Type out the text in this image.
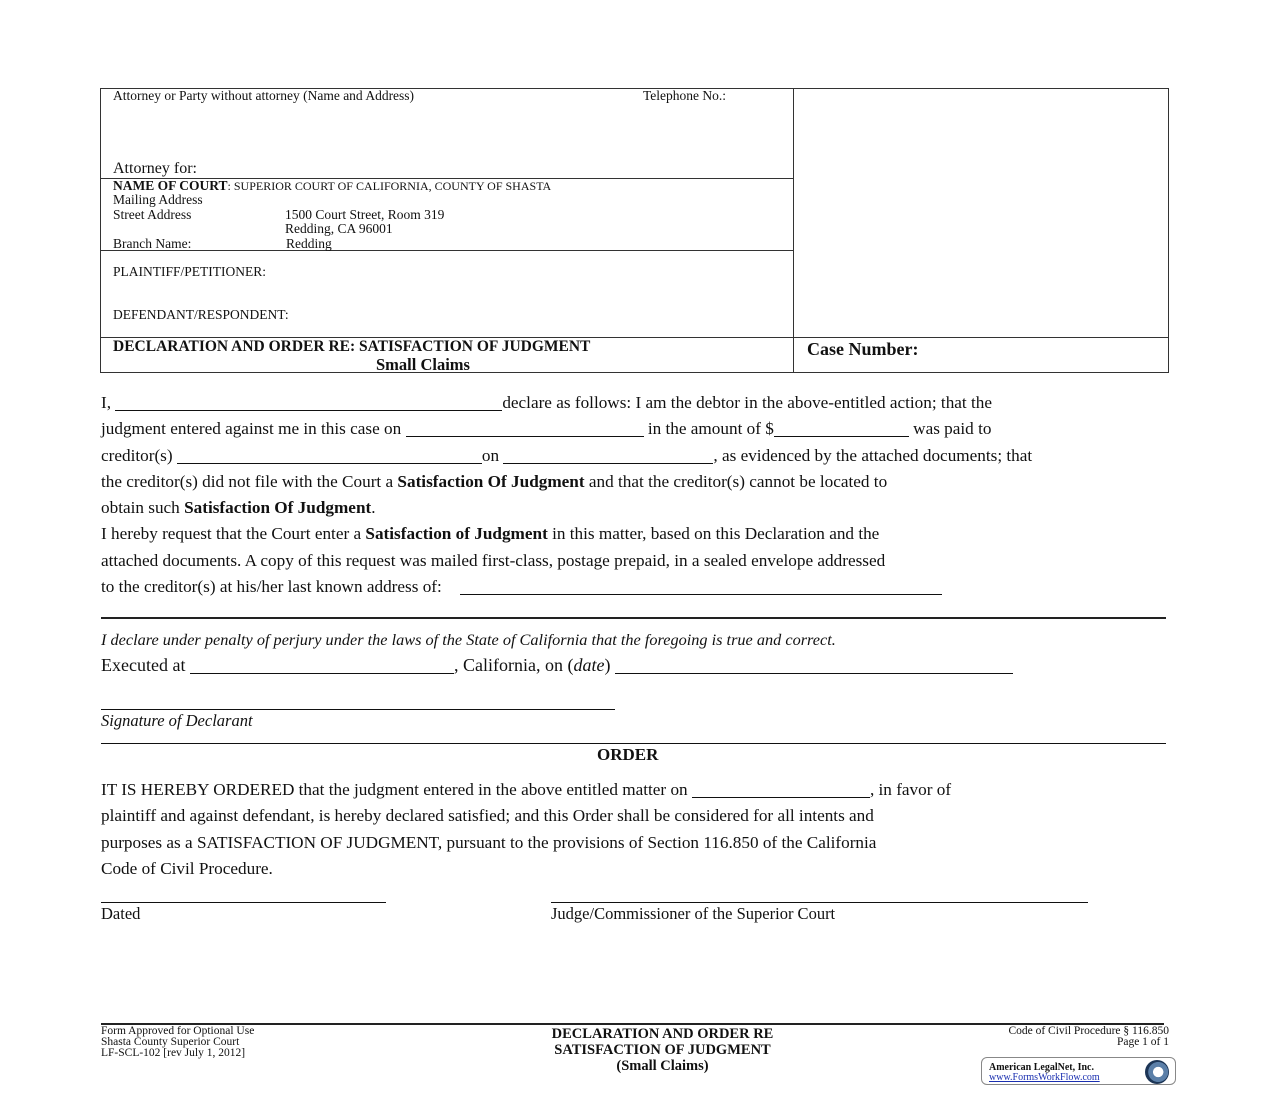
Attorney or Party without attorney (Name and Address)	Telephone No.:
Attorney for:
NAME OF COURT: SUPERIOR COURT OF CALIFORNIA, COUNTY OF SHASTA
Mailing Address
Street Address	1500 Court Street, Room 319
Redding, CA 96001
Branch Name:	Redding
PLAINTIFF/PETITIONER:
DEFENDANT/RESPONDENT:
DECLARATION AND ORDER RE: SATISFACTION OF JUDGMENT
Small Claims
Case Number:
I,	declare as follows: I am the debtor in the above-entitled action; that the
judgment entered against me in this case on	in the amount of $	was paid to
creditor(s)	on	, as evidenced by the attached documents; that
the creditor(s) did not file with the Court a Satisfaction Of Judgment and that the creditor(s) cannot be located to
obtain such Satisfaction Of Judgment.
I hereby request that the Court enter a Satisfaction of Judgment in this matter, based on this Declaration and the
attached documents. A copy of this request was mailed first-class, postage prepaid, in a sealed envelope addressed
to the creditor(s) at his/her last known address of:
I declare under penalty of perjury under the laws of the State of California that the foregoing is true and correct.
Executed at	, California, on (date)
Signature of Declarant
ORDER
IT IS HEREBY ORDERED that the judgment entered in the above entitled matter on	, in favor of
plaintiff and against defendant, is hereby declared satisfied; and this Order shall be considered for all intents and
purposes as a SATISFACTION OF JUDGMENT, pursuant to the provisions of Section 116.850 of the California
Code of Civil Procedure.
Dated	Judge/Commissioner of the Superior Court
Form Approved for Optional Use
Shasta County Superior Court
LF-SCL-102 [rev July 1, 2012]
DECLARATION AND ORDER RE
SATISFACTION OF JUDGMENT
(Small Claims)
Code of Civil Procedure § 116.850
Page 1 of 1
American LegalNet, Inc.
www.FormsWorkFlow.com
